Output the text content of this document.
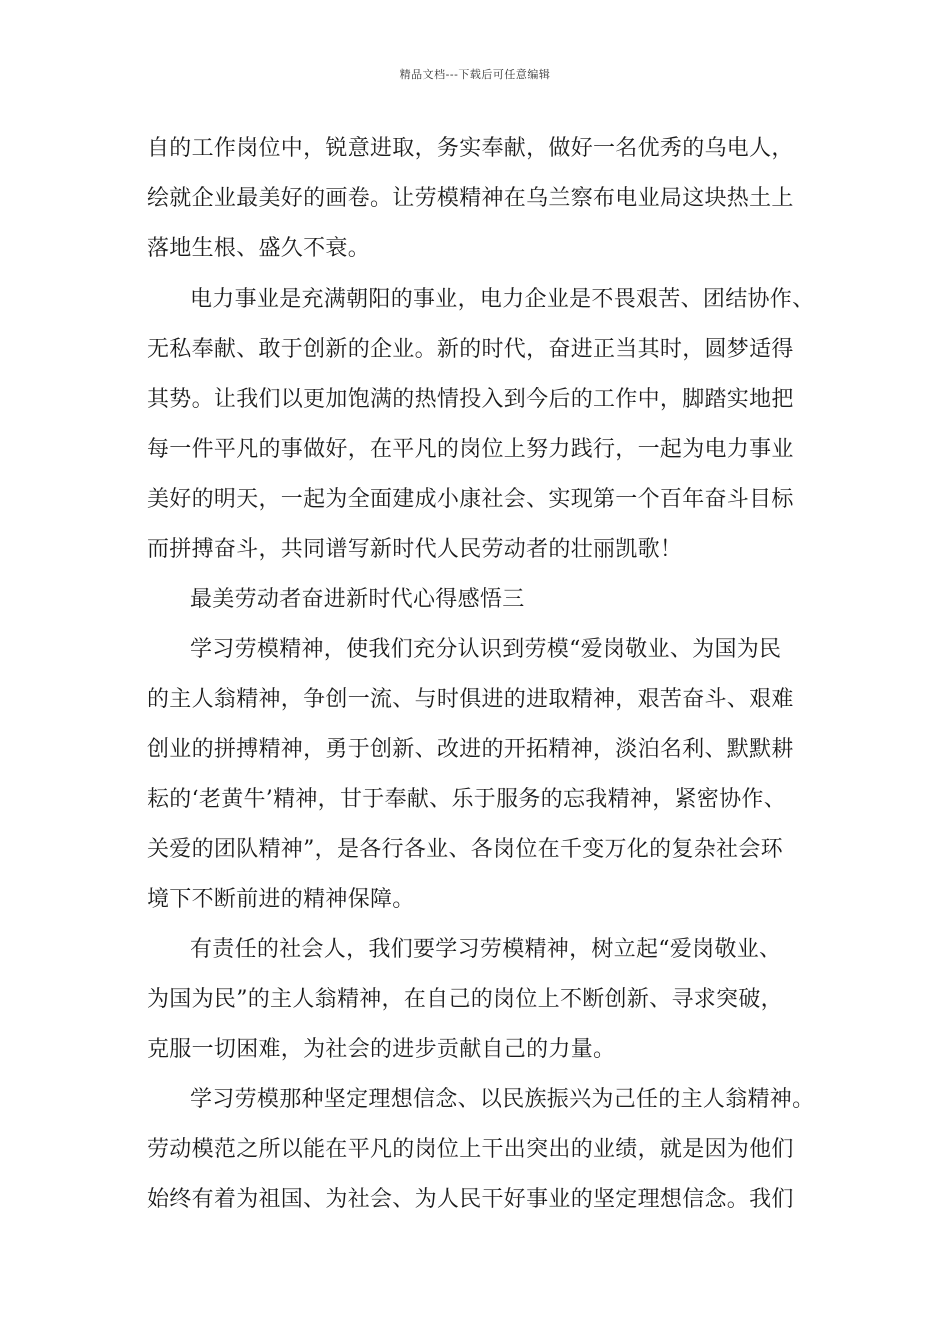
精品文档---下载后可任意编辑
自的工作岗位中，锐意进取，务实奉献，做好一名优秀的乌电人，
绘就企业最美好的画卷。让劳模精神在乌兰察布电业局这块热土上
落地生根、盛久不衰。
电力事业是充满朝阳的事业，电力企业是不畏艰苦、团结协作、
无私奉献、敢于创新的企业。新的时代，奋进正当其时，圆梦适得
其势。让我们以更加饱满的热情投入到今后的工作中，脚踏实地把
每一件平凡的事做好，在平凡的岗位上努力践行，一起为电力事业
美好的明天，一起为全面建成小康社会、实现第一个百年奋斗目标
而拼搏奋斗，共同谱写新时代人民劳动者的壮丽凯歌！
最美劳动者奋进新时代心得感悟三
学习劳模精神，使我们充分认识到劳模“爱岗敬业、为国为民
的主人翁精神，争创一流、与时俱进的进取精神，艰苦奋斗、艰难
创业的拼搏精神，勇于创新、改进的开拓精神，淡泊名利、默默耕
耘的‘老黄牛’精神，甘于奉献、乐于服务的忘我精神，紧密协作、
关爱的团队精神”，是各行各业、各岗位在千变万化的复杂社会环
境下不断前进的精神保障。
有责任的社会人，我们要学习劳模精神，树立起“爱岗敬业、
为国为民”的主人翁精神，在自己的岗位上不断创新、寻求突破，
克服一切困难，为社会的进步贡献自己的力量。
学习劳模那种坚定理想信念、以民族振兴为己任的主人翁精神。
劳动模范之所以能在平凡的岗位上干出突出的业绩，就是因为他们
始终有着为祖国、为社会、为人民干好事业的坚定理想信念。我们
